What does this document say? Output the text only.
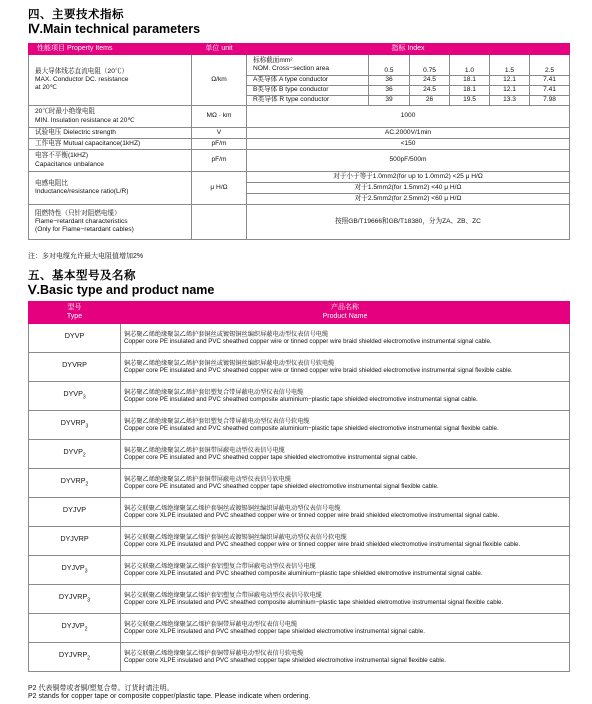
四、主要技术指标
Ⅳ.Main technical parameters
性能项目 Property Items	单位 unit	指标 Index					

最大导体线芯直流电阻（20℃）
MAX. Conductor DC. resistance
at 20℃	Ω/km	标称截面mm²
NOM. Cross−section area	0.5	0.75	1.0	1.5	2.5
		A类导体 A type conductor	36	24.5	18.1	12.1	7.41
		B类导体 B type conductor	36	24.5	18.1	12.1	7.41
		R类导体 R type conductor	39	26	19.5	13.3	7.98

20℃时最小绝缘电阻
MIN. Insulation resistance at 20℃	MΩ · km	1000					
试验电压 Dielectric strength	V	AC.2000V/1min					
工作电容 Mutual capacitance(1kHZ)	pF/m	<150					

电容不平衡(1kHZ)
Capacitance unbalance	pF/m	500pF/500m					

电感电阻比
Inductance/resistance ratio(L/R)	μ H/Ω	对于小于等于1.0mm2(for up to 1.0mm2) <25 μ H/Ω					
		对于1.5mm2(for 1.5mm2) <40 μ H/Ω					
		对于2.5mm2(for 2.5mm2) <60 μ H/Ω					

阻燃特性（只针对阻燃电缆）
Flame−retardant characteristics
(Only for Flame−retardant cables)		按照GB/T19666和GB/T18380，分为ZA、ZB、ZC					
注：多对电缆允许最大电阻值增加2%
五、基本型号及名称
Ⅴ.Basic type and product name
型号
Type	产品名称
Product Name

DYVP	铜芯聚乙烯绝缘聚氯乙烯护套铜丝或镀锡铜丝编织屏蔽电动型仪表信号电缆
Copper core PE insulated and PVC sheathed copper wire or tinned copper wire braid shielded electromotive instrumental signal cable.

DYVRP	铜芯聚乙烯绝缘聚氯乙烯护套铜丝或镀锡铜丝编织屏蔽电动型仪表信号软电缆
Copper core PE insulated and PVC sheathed copper wire or tinned copper wire braid shielded electromotive instrumental signal flexible cable.

$DYVP_3$	铜芯聚乙烯绝缘聚氯乙烯护套铝塑复合带屏蔽电动型仪表信号电缆
Copper core PE insulated and PVC sheathed composite aluminium−plastic tape shielded electromotive instrumental signal cable.

$DYVRP_3$	铜芯聚乙烯绝缘聚氯乙烯护套铝塑复合带屏蔽电动型仪表信号软电缆
Copper core PE insulated and PVC sheathed composite aluminium−plastic tape shielded electromotive instrumental signal flexible cable.

$DYVP_2$	铜芯聚乙烯绝缘聚氯乙烯护套铜带屏蔽电动型仪表信号电缆
Copper core PE insulated and PVC sheathed copper tape shielded electromotive instrumental signal cable.

$DYVRP_2$	铜芯聚乙烯绝缘聚氯乙烯护套铜带屏蔽电动型仪表信号软电缆
Copper core PE insutated and PVC sheathed copper tape shielded electromotive instrumental signal flexible cable.

DYJVP	铜芯交联聚乙烯绝缘聚氯乙烯护套铜丝或镀锡铜丝编织屏蔽电动型仪表信号电缆
Copper core XLPE insulated and PVC sheathed copper wire or tinned copper wire braid shielded electromotive instrumental signal cable.

DYJVRP	铜芯交联聚乙烯绝缘聚氯乙烯护套铜丝或镀锡铜丝编织屏蔽电动型仪表信号软电缆
Copper core XLPE insulated and PVC sheathed copper wire or tinned copper wire braid shielded electromotive instrumental signal flexible cable.

$DYJVP_3$	铜芯交联聚乙烯绝缘聚氯乙烯护套铝塑复合带屏蔽电动型仪表信号电缆
Copper core XLPE insutated and PVC sheathed composite aluminium−plastic tape shielded eletromotive instrumental signal cable.

$DYJVRP_3$	铜芯交联聚乙烯绝缘聚氯乙烯护套铝塑复合带屏蔽电动型仪表信号软电缆
Copper core XLPE insulated and PVC sheathed composite aluminium−plastic tape shielded eletromotive instrumental signal flexible cable.

$DYJVP_2$	铜芯交联聚乙烯绝缘聚氯乙烯护套铜带屏蔽电动型仪表信号电缆
Copper core XLPE insulated and PVC sheathed copper tape shielded electromotive instrumental signal cable.

$DYJVRP_2$	铜芯交联聚乙烯绝缘聚氯乙烯护套铜带屏蔽电动型仪表信号软电缆
Copper core XLPE insulated and PVC sheathed copper tape shielded electromotive instrumental signal flexible cable.
P2 代表铜带或者铜/塑复合带。订货时请注明。
P2 stands for copper tape or composite copper/plastic tape. Please indicate when ordering.
